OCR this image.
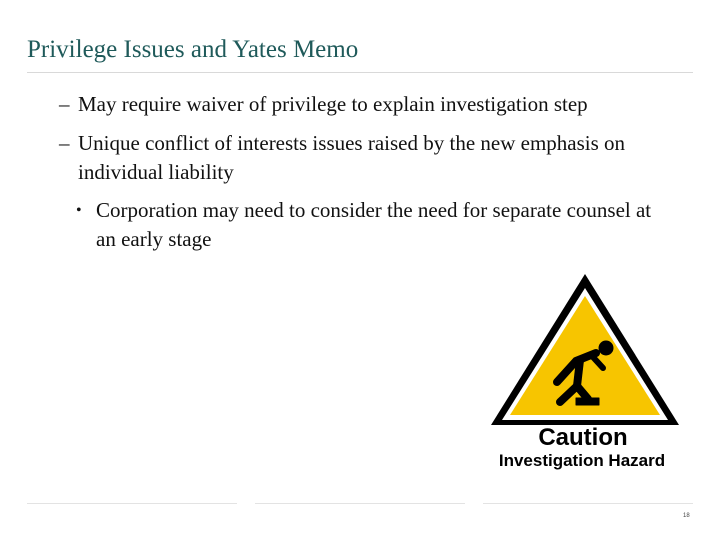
Privilege Issues and Yates Memo
– May require waiver of privilege to explain investigation step
– Unique conflict of interests issues raised by the new emphasis on individual liability
• Corporation may need to consider the need for separate counsel at an early stage
Caution
Investigation Hazard
18
